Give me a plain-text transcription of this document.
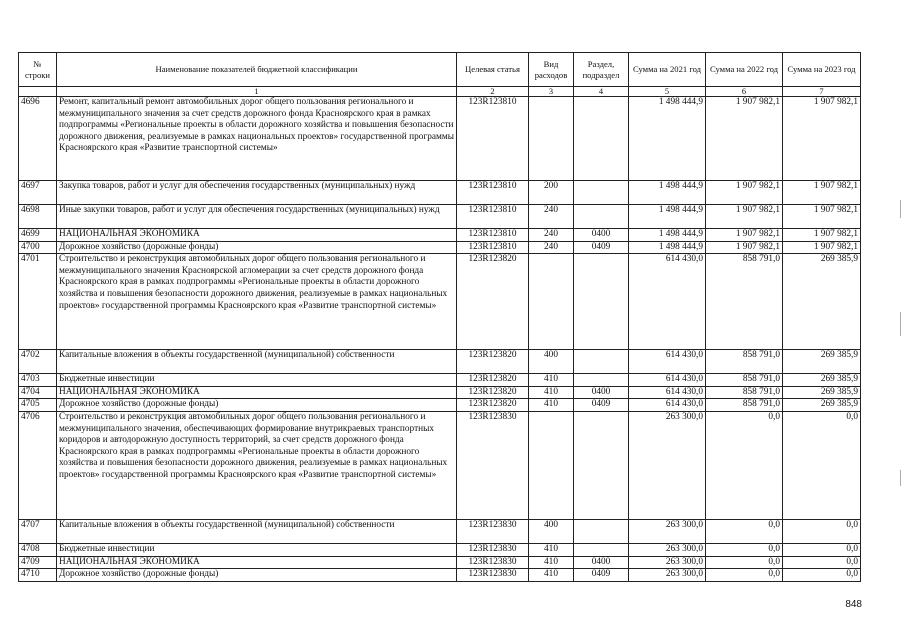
№ строки	Наименование показателей бюджетной классификации	Целевая статья	Вид расходов	Раздел, подраздел	Сумма на 2021 год	Сумма на 2022 год	Сумма на 2023 год
	1	2	3	4	5	6	7
4696	Ремонт, капитальный ремонт автомобильных дорог общего пользования регионального и межмуниципального значения за счет средств дорожного фонда Красноярского края в рамках подпрограммы «Региональные проекты в области дорожного хозяйства и повышения безопасности дорожного движения, реализуемые в рамках национальных проектов» государственной программы Красноярского края «Развитие транспортной системы»	123R123810			1 498 444,9	1 907 982,1	1 907 982,1
4697	Закупка товаров, работ и услуг для обеспечения государственных (муниципальных) нужд	123R123810	200		1 498 444,9	1 907 982,1	1 907 982,1
4698	Иные закупки товаров, работ и услуг для обеспечения государственных (муниципальных) нужд	123R123810	240		1 498 444,9	1 907 982,1	1 907 982,1
4699	НАЦИОНАЛЬНАЯ ЭКОНОМИКА	123R123810	240	0400	1 498 444,9	1 907 982,1	1 907 982,1
4700	Дорожное хозяйство (дорожные фонды)	123R123810	240	0409	1 498 444,9	1 907 982,1	1 907 982,1
4701	Строительство и реконструкция автомобильных дорог общего пользования регионального и межмуниципального значения Красноярской агломерации за счет средств дорожного фонда Красноярского края в рамках подпрограммы «Региональные проекты в области дорожного хозяйства и повышения безопасности дорожного движения, реализуемые в рамках национальных проектов» государственной программы Красноярского края «Развитие транспортной системы»	123R123820			614 430,0	858 791,0	269 385,9
4702	Капитальные вложения в объекты государственной (муниципальной) собственности	123R123820	400		614 430,0	858 791,0	269 385,9
4703	Бюджетные инвестиции	123R123820	410		614 430,0	858 791,0	269 385,9
4704	НАЦИОНАЛЬНАЯ ЭКОНОМИКА	123R123820	410	0400	614 430,0	858 791,0	269 385,9
4705	Дорожное хозяйство (дорожные фонды)	123R123820	410	0409	614 430,0	858 791,0	269 385,9
4706	Строительство и реконструкция автомобильных дорог общего пользования регионального и межмуниципального значения, обеспечивающих формирование внутрикраевых транспортных коридоров и автодорожную доступность территорий, за счет средств дорожного фонда Красноярского края в рамках подпрограммы «Региональные проекты в области дорожного хозяйства и повышения безопасности дорожного движения, реализуемые в рамках национальных проектов» государственной программы Красноярского края «Развитие транспортной системы»	123R123830			263 300,0	0,0	0,0
4707	Капитальные вложения в объекты государственной (муниципальной) собственности	123R123830	400		263 300,0	0,0	0,0
4708	Бюджетные инвестиции	123R123830	410		263 300,0	0,0	0,0
4709	НАЦИОНАЛЬНАЯ ЭКОНОМИКА	123R123830	410	0400	263 300,0	0,0	0,0
4710	Дорожное хозяйство (дорожные фонды)	123R123830	410	0409	263 300,0	0,0	0,0
848
